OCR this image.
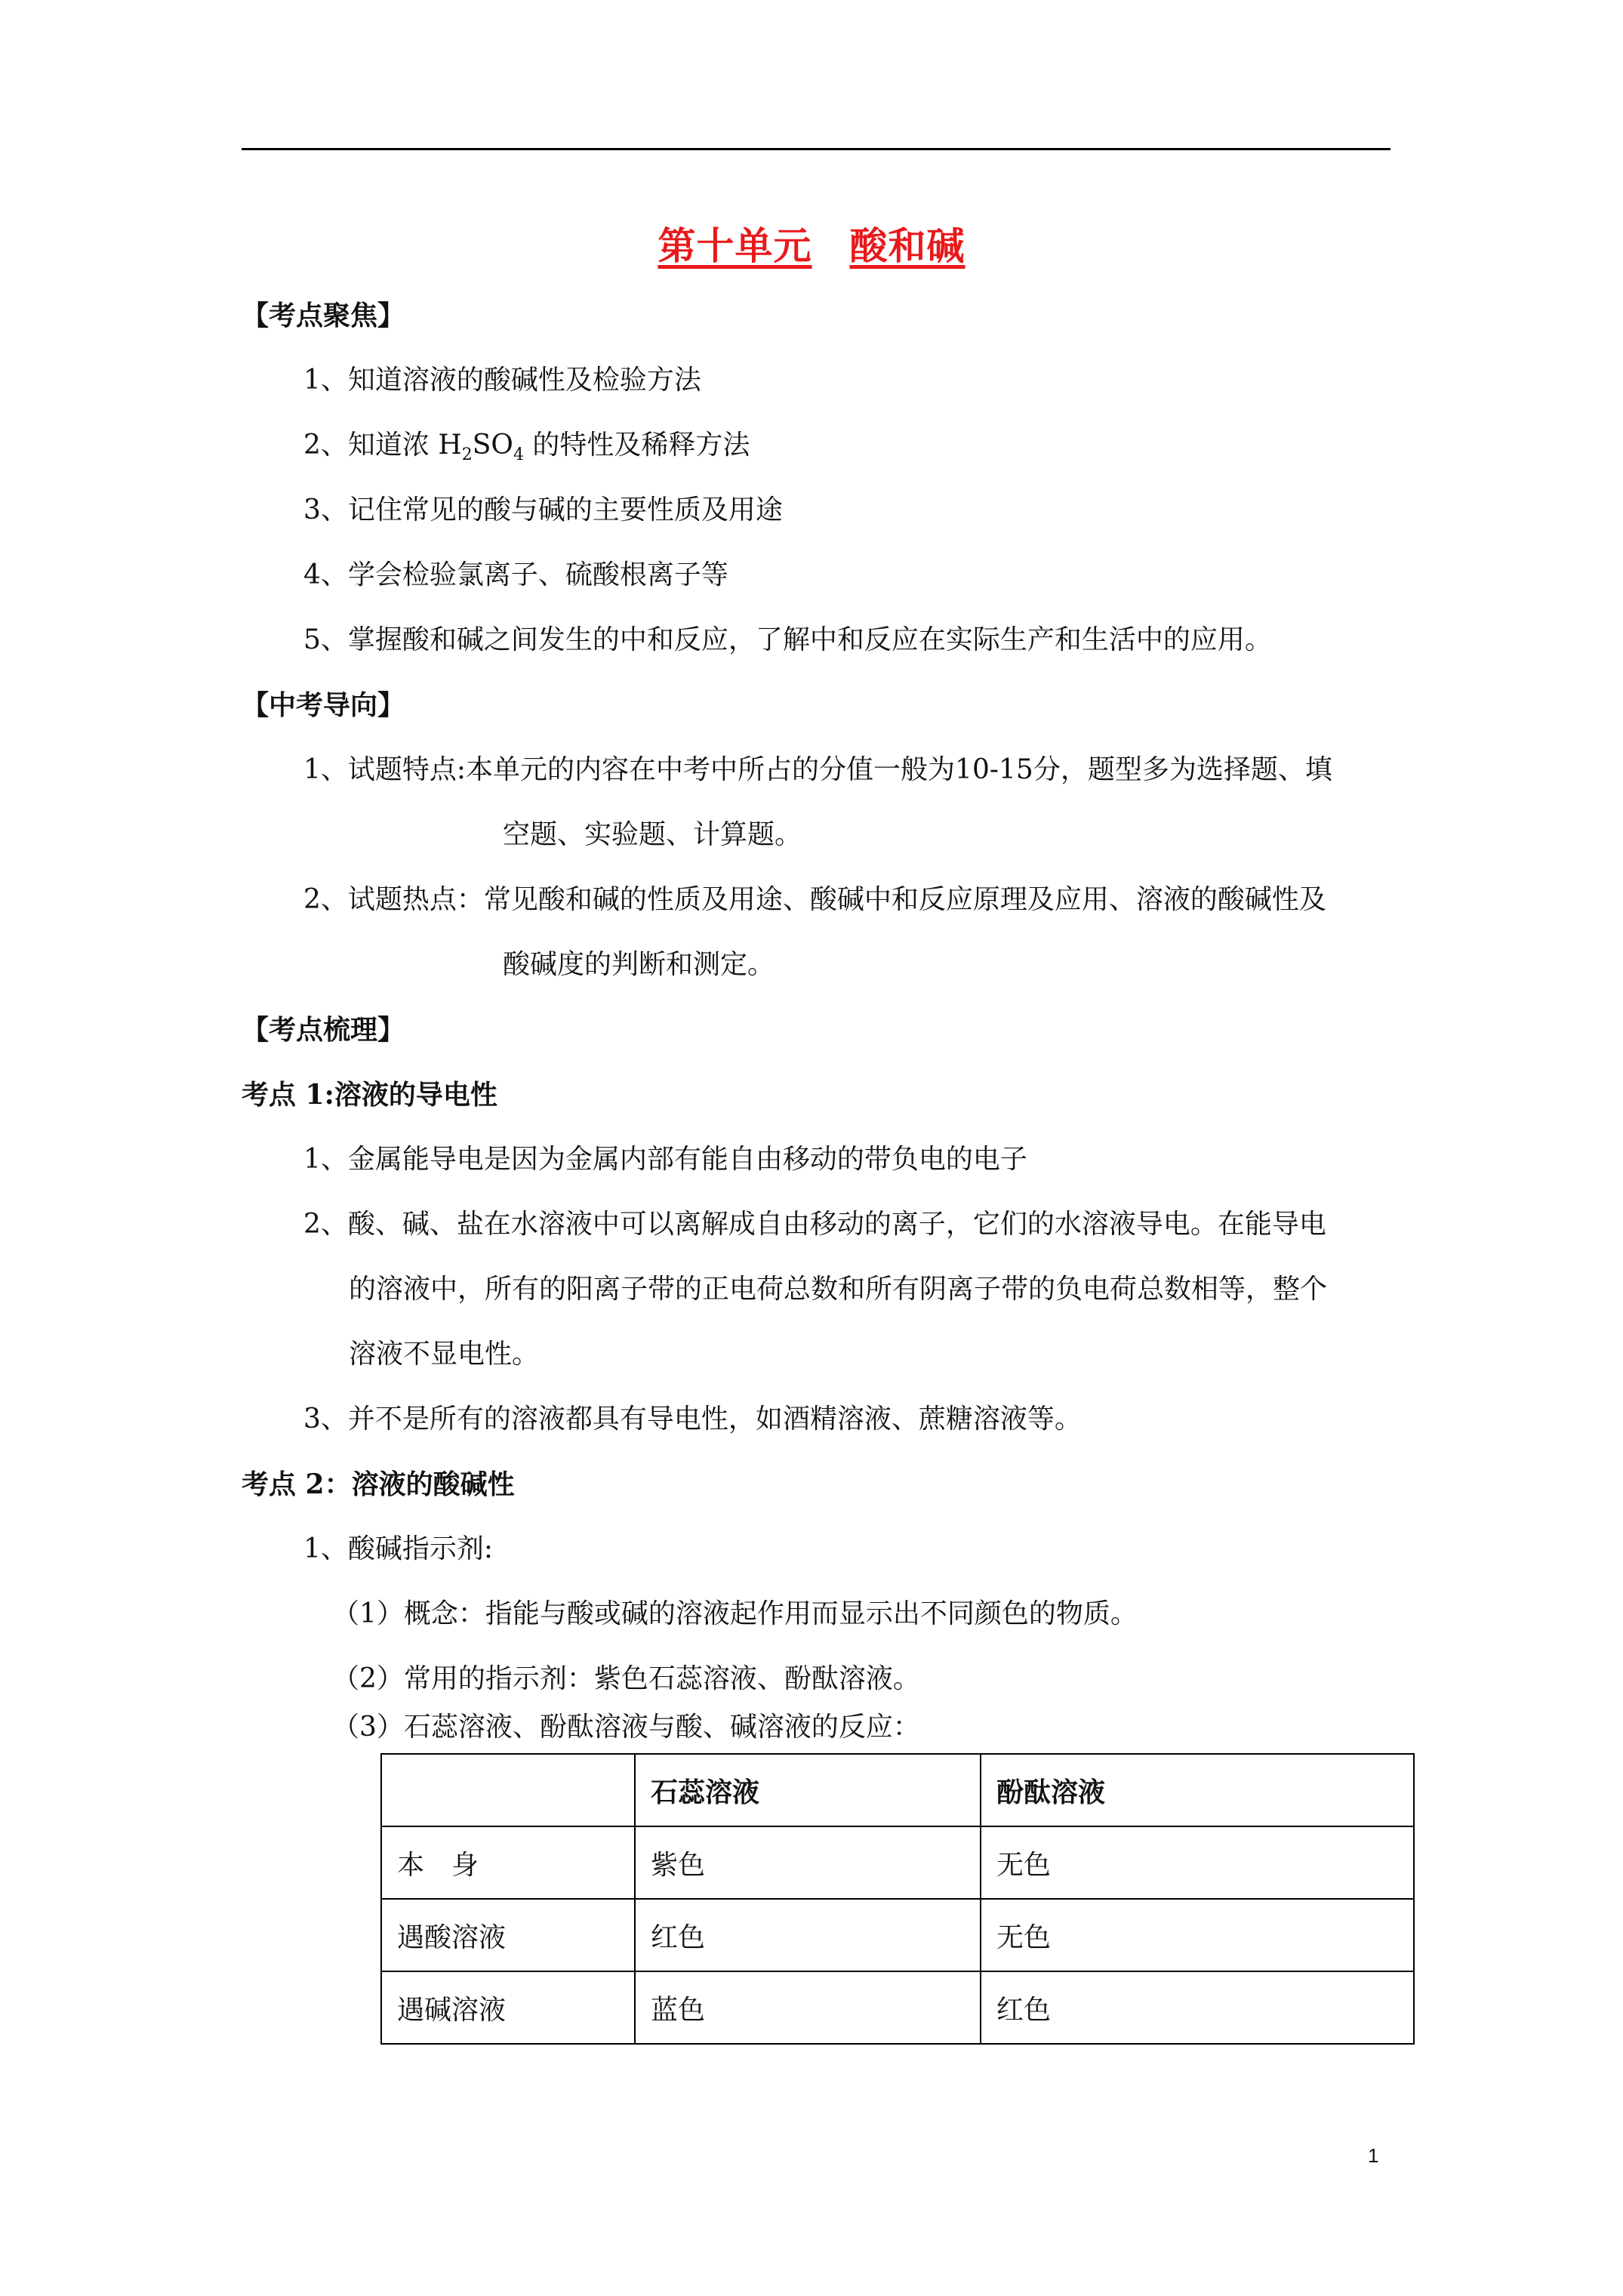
第十单元 酸和碱
【考点聚焦】
1、知道溶液的酸碱性及检验方法
2、知道浓 $H_2SO_4$ 的特性及稀释方法
3、记住常见的酸与碱的主要性质及用途
4、学会检验氯离子、硫酸根离子等
5、掌握酸和碱之间发生的中和反应，了解中和反应在实际生产和生活中的应用。
【中考导向】
1、试题特点:本单元的内容在中考中所占的分值一般为10-15分，题型多为选择题、填
空题、实验题、计算题。
2、试题热点：常见酸和碱的性质及用途、酸碱中和反应原理及应用、溶液的酸碱性及
酸碱度的判断和测定。
【考点梳理】
考点 1:溶液的导电性
1、金属能导电是因为金属内部有能自由移动的带负电的电子
2、酸、碱、盐在水溶液中可以离解成自由移动的离子，它们的水溶液导电。在能导电
的溶液中，所有的阳离子带的正电荷总数和所有阴离子带的负电荷总数相等，整个
溶液不显电性。
3、并不是所有的溶液都具有导电性，如酒精溶液、蔗糖溶液等。
考点 2：溶液的酸碱性
1、酸碱指示剂:
（1）概念：指能与酸或碱的溶液起作用而显示出不同颜色的物质。
（2）常用的指示剂：紫色石蕊溶液、酚酞溶液。
（3）石蕊溶液、酚酞溶液与酸、碱溶液的反应：
	石蕊溶液	酚酞溶液
本　身	紫色	无色
遇酸溶液	红色	无色
遇碱溶液	蓝色	红色
1
